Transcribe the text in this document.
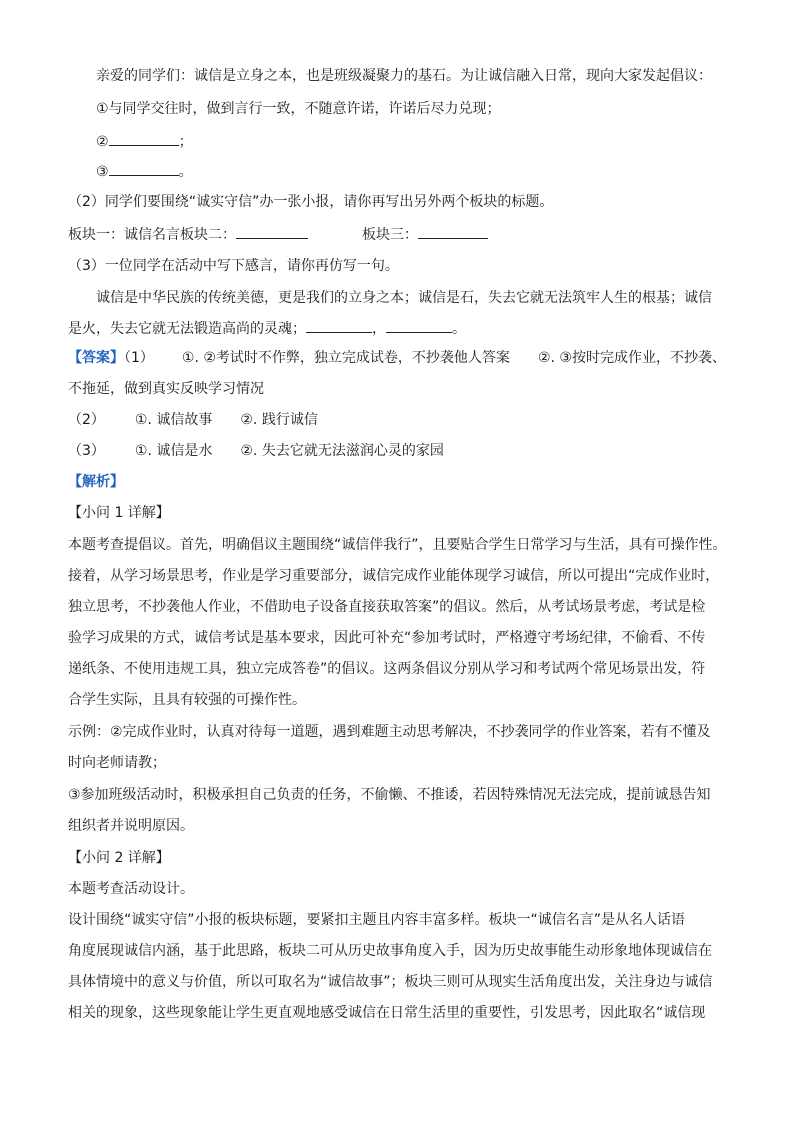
亲爱的同学们：诚信是立身之本，也是班级凝聚力的基石。为让诚信融入日常，现向大家发起倡议：
①与同学交往时，做到言行一致，不随意许诺，许诺后尽力兑现；
②	；
③	。
（2）同学们要围绕“诚实守信”办一张小报，请你再写出另外两个板块的标题。
板块一：诚信名言板块二：	板块三：
（3）一位同学在活动中写下感言，请你再仿写一句。
诚信是中华民族的传统美德，更是我们的立身之本；诚信是石，失去它就无法筑牢人生的根基；诚信
是火，失去它就无法锻造高尚的灵魂；	，	。
【答案】（1） ①. ②考试时不作弊，独立完成试卷，不抄袭他人答案 ②. ③按时完成作业，不抄袭、
不拖延，做到真实反映学习情况
（2） ①. 诚信故事 ②. 践行诚信
（3） ①. 诚信是水 ②. 失去它就无法滋润心灵的家园
【解析】
【小问 1 详解】
本题考查提倡议。首先，明确倡议主题围绕“诚信伴我行”，且要贴合学生日常学习与生活，具有可操作性。
接着，从学习场景思考，作业是学习重要部分，诚信完成作业能体现学习诚信，所以可提出“完成作业时，
独立思考，不抄袭他人作业，不借助电子设备直接获取答案”的倡议。然后，从考试场景考虑，考试是检
验学习成果的方式，诚信考试是基本要求，因此可补充“参加考试时，严格遵守考场纪律，不偷看、不传
递纸条、不使用违规工具，独立完成答卷”的倡议。这两条倡议分别从学习和考试两个常见场景出发，符
合学生实际，且具有较强的可操作性。
示例：②完成作业时，认真对待每一道题，遇到难题主动思考解决，不抄袭同学的作业答案，若有不懂及
时向老师请教；
③参加班级活动时，积极承担自己负责的任务，不偷懒、不推诿，若因特殊情况无法完成，提前诚恳告知
组织者并说明原因。
【小问 2 详解】
本题考查活动设计。
设计围绕“诚实守信”小报的板块标题，要紧扣主题且内容丰富多样。板块一“诚信名言”是从名人话语
角度展现诚信内涵，基于此思路，板块二可从历史故事角度入手，因为历史故事能生动形象地体现诚信在
具体情境中的意义与价值，所以可取名为“诚信故事”；板块三则可从现实生活角度出发，关注身边与诚信
相关的现象，这些现象能让学生更直观地感受诚信在日常生活里的重要性，引发思考，因此取名“诚信现
